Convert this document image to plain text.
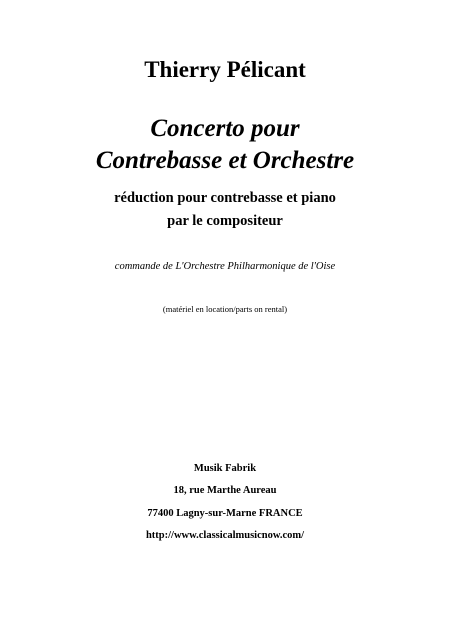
Thierry Pélicant
Concerto pour
Contrebasse et Orchestre
réduction pour contrebasse et piano
par le compositeur
commande de L'Orchestre Philharmonique de l'Oise
(matériel en location/parts on rental)
Musik Fabrik
18, rue Marthe Aureau
77400 Lagny-sur-Marne FRANCE
http://www.classicalmusicnow.com/
